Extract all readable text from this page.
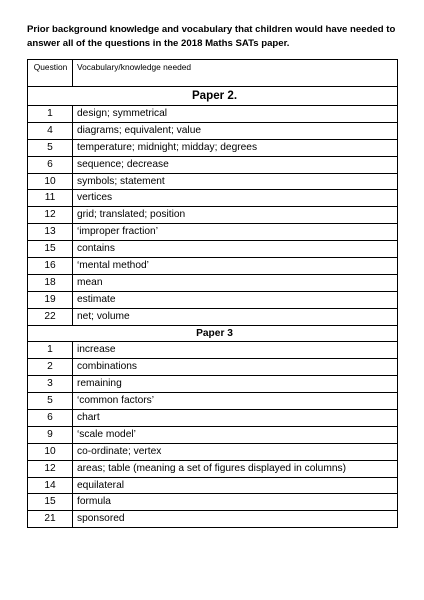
Prior background knowledge and vocabulary that children would have needed to answer all of the questions in the 2018 Maths SATs paper.
Question	Vocabulary/knowledge needed
Paper 2.	
1	design; symmetrical
4	diagrams; equivalent; value
5	temperature; midnight; midday; degrees
6	sequence; decrease
10	symbols; statement
11	vertices
12	grid; translated; position
13	‘improper fraction’
15	contains
16	‘mental method’
18	mean
19	estimate
22	net; volume
Paper 3	
1	increase
2	combinations
3	remaining
5	‘common factors’
6	chart
9	‘scale model’
10	co-ordinate; vertex
12	areas; table (meaning a set of figures displayed in columns)
14	equilateral
15	formula
21	sponsored
